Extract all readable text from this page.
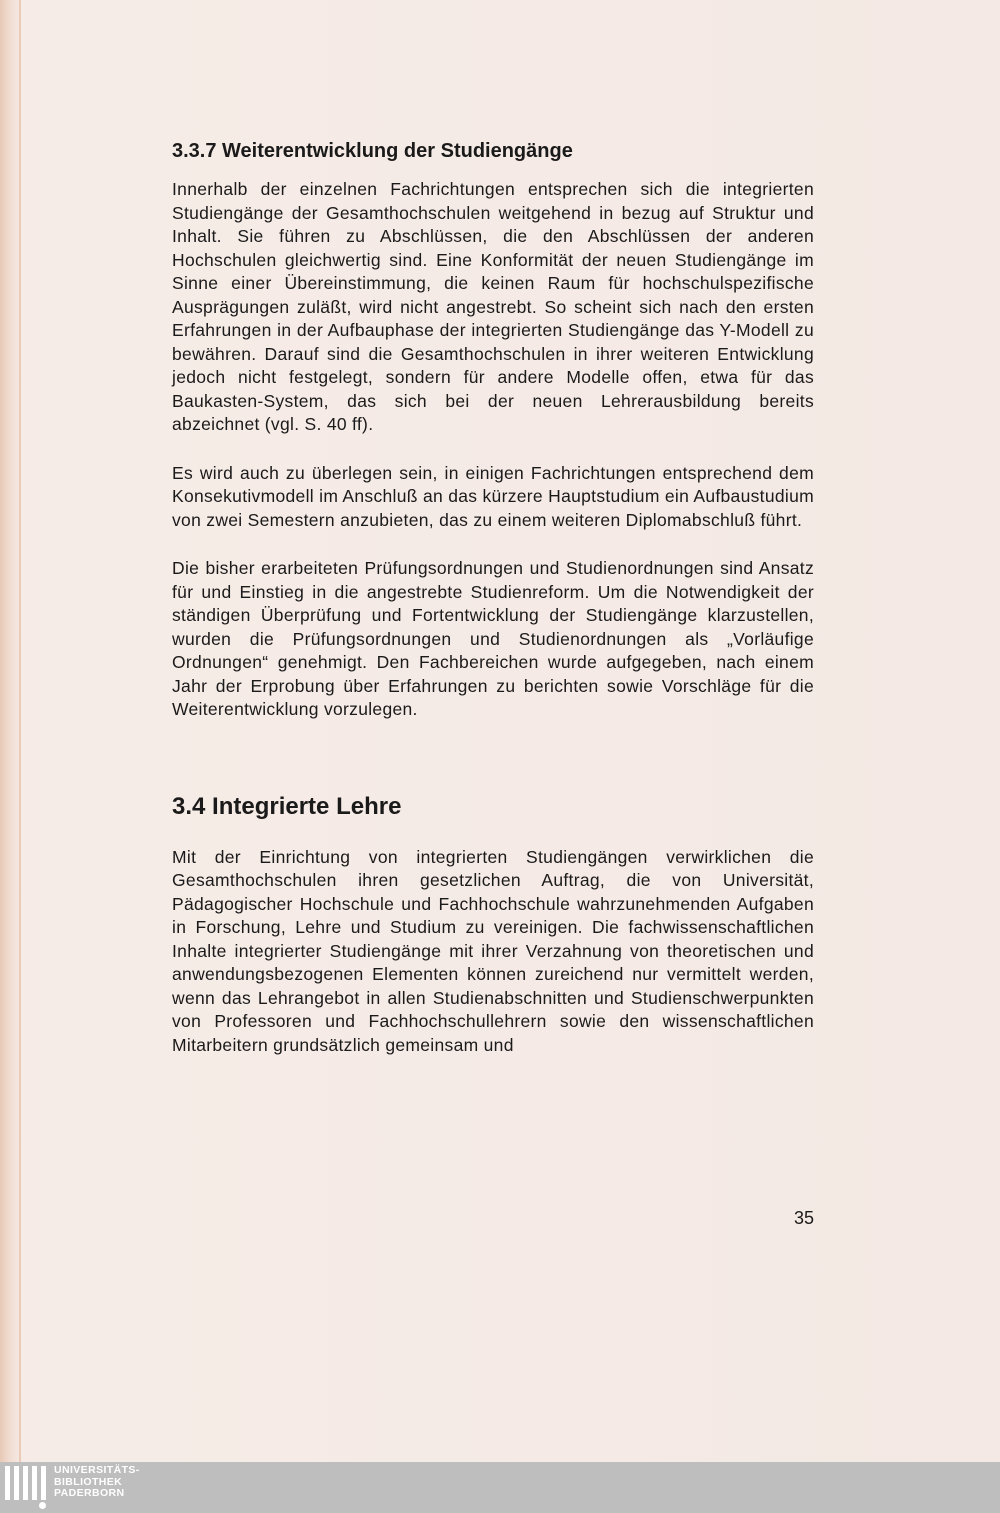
3.3.7 Weiterentwicklung der Studiengänge

Innerhalb der einzelnen Fachrichtungen entsprechen sich die integrierten Studiengänge der Gesamthochschulen weitgehend in bezug auf Struktur und Inhalt. Sie führen zu Abschlüssen, die den Abschlüssen der anderen Hochschulen gleichwertig sind. Eine Konformität der neuen Studiengänge im Sinne einer Übereinstimmung, die keinen Raum für hochschulspezifische Ausprägungen zuläßt, wird nicht angestrebt. So scheint sich nach den ersten Erfahrungen in der Aufbauphase der integrierten Studiengänge das Y-Modell zu bewähren. Darauf sind die Gesamthochschulen in ihrer weiteren Entwicklung jedoch nicht festgelegt, sondern für andere Modelle offen, etwa für das Baukasten-System, das sich bei der neuen Lehrerausbildung bereits abzeichnet (vgl. S. 40 ff).

Es wird auch zu überlegen sein, in einigen Fachrichtungen entsprechend dem Konsekutivmodell im Anschluß an das kürzere Hauptstudium ein Aufbaustudium von zwei Semestern anzubieten, das zu einem weiteren Diplomabschluß führt.

Die bisher erarbeiteten Prüfungsordnungen und Studienordnungen sind Ansatz für und Einstieg in die angestrebte Studienreform. Um die Notwendigkeit der ständigen Überprüfung und Fortentwicklung der Studiengänge klarzustellen, wurden die Prüfungsordnungen und Studienordnungen als „Vorläufige Ordnungen“ genehmigt. Den Fachbereichen wurde aufgegeben, nach einem Jahr der Erprobung über Erfahrungen zu berichten sowie Vorschläge für die Weiterentwicklung vorzulegen.

3.4 Integrierte Lehre

Mit der Einrichtung von integrierten Studiengängen verwirklichen die Gesamthochschulen ihren gesetzlichen Auftrag, die von Universität, Pädagogischer Hochschule und Fachhochschule wahrzunehmenden Aufgaben in Forschung, Lehre und Studium zu vereinigen. Die fachwissenschaftlichen Inhalte integrierter Studiengänge mit ihrer Verzahnung von theoretischen und anwendungsbezogenen Elementen können zureichend nur vermittelt werden, wenn das Lehrangebot in allen Studienabschnitten und Studienschwerpunkten von Professoren und Fachhochschullehrern sowie den wissenschaftlichen Mitarbeitern grundsätzlich gemeinsam und

35
UNIVERSITÄTS-
BIBLIOTHEK
PADERBORN
